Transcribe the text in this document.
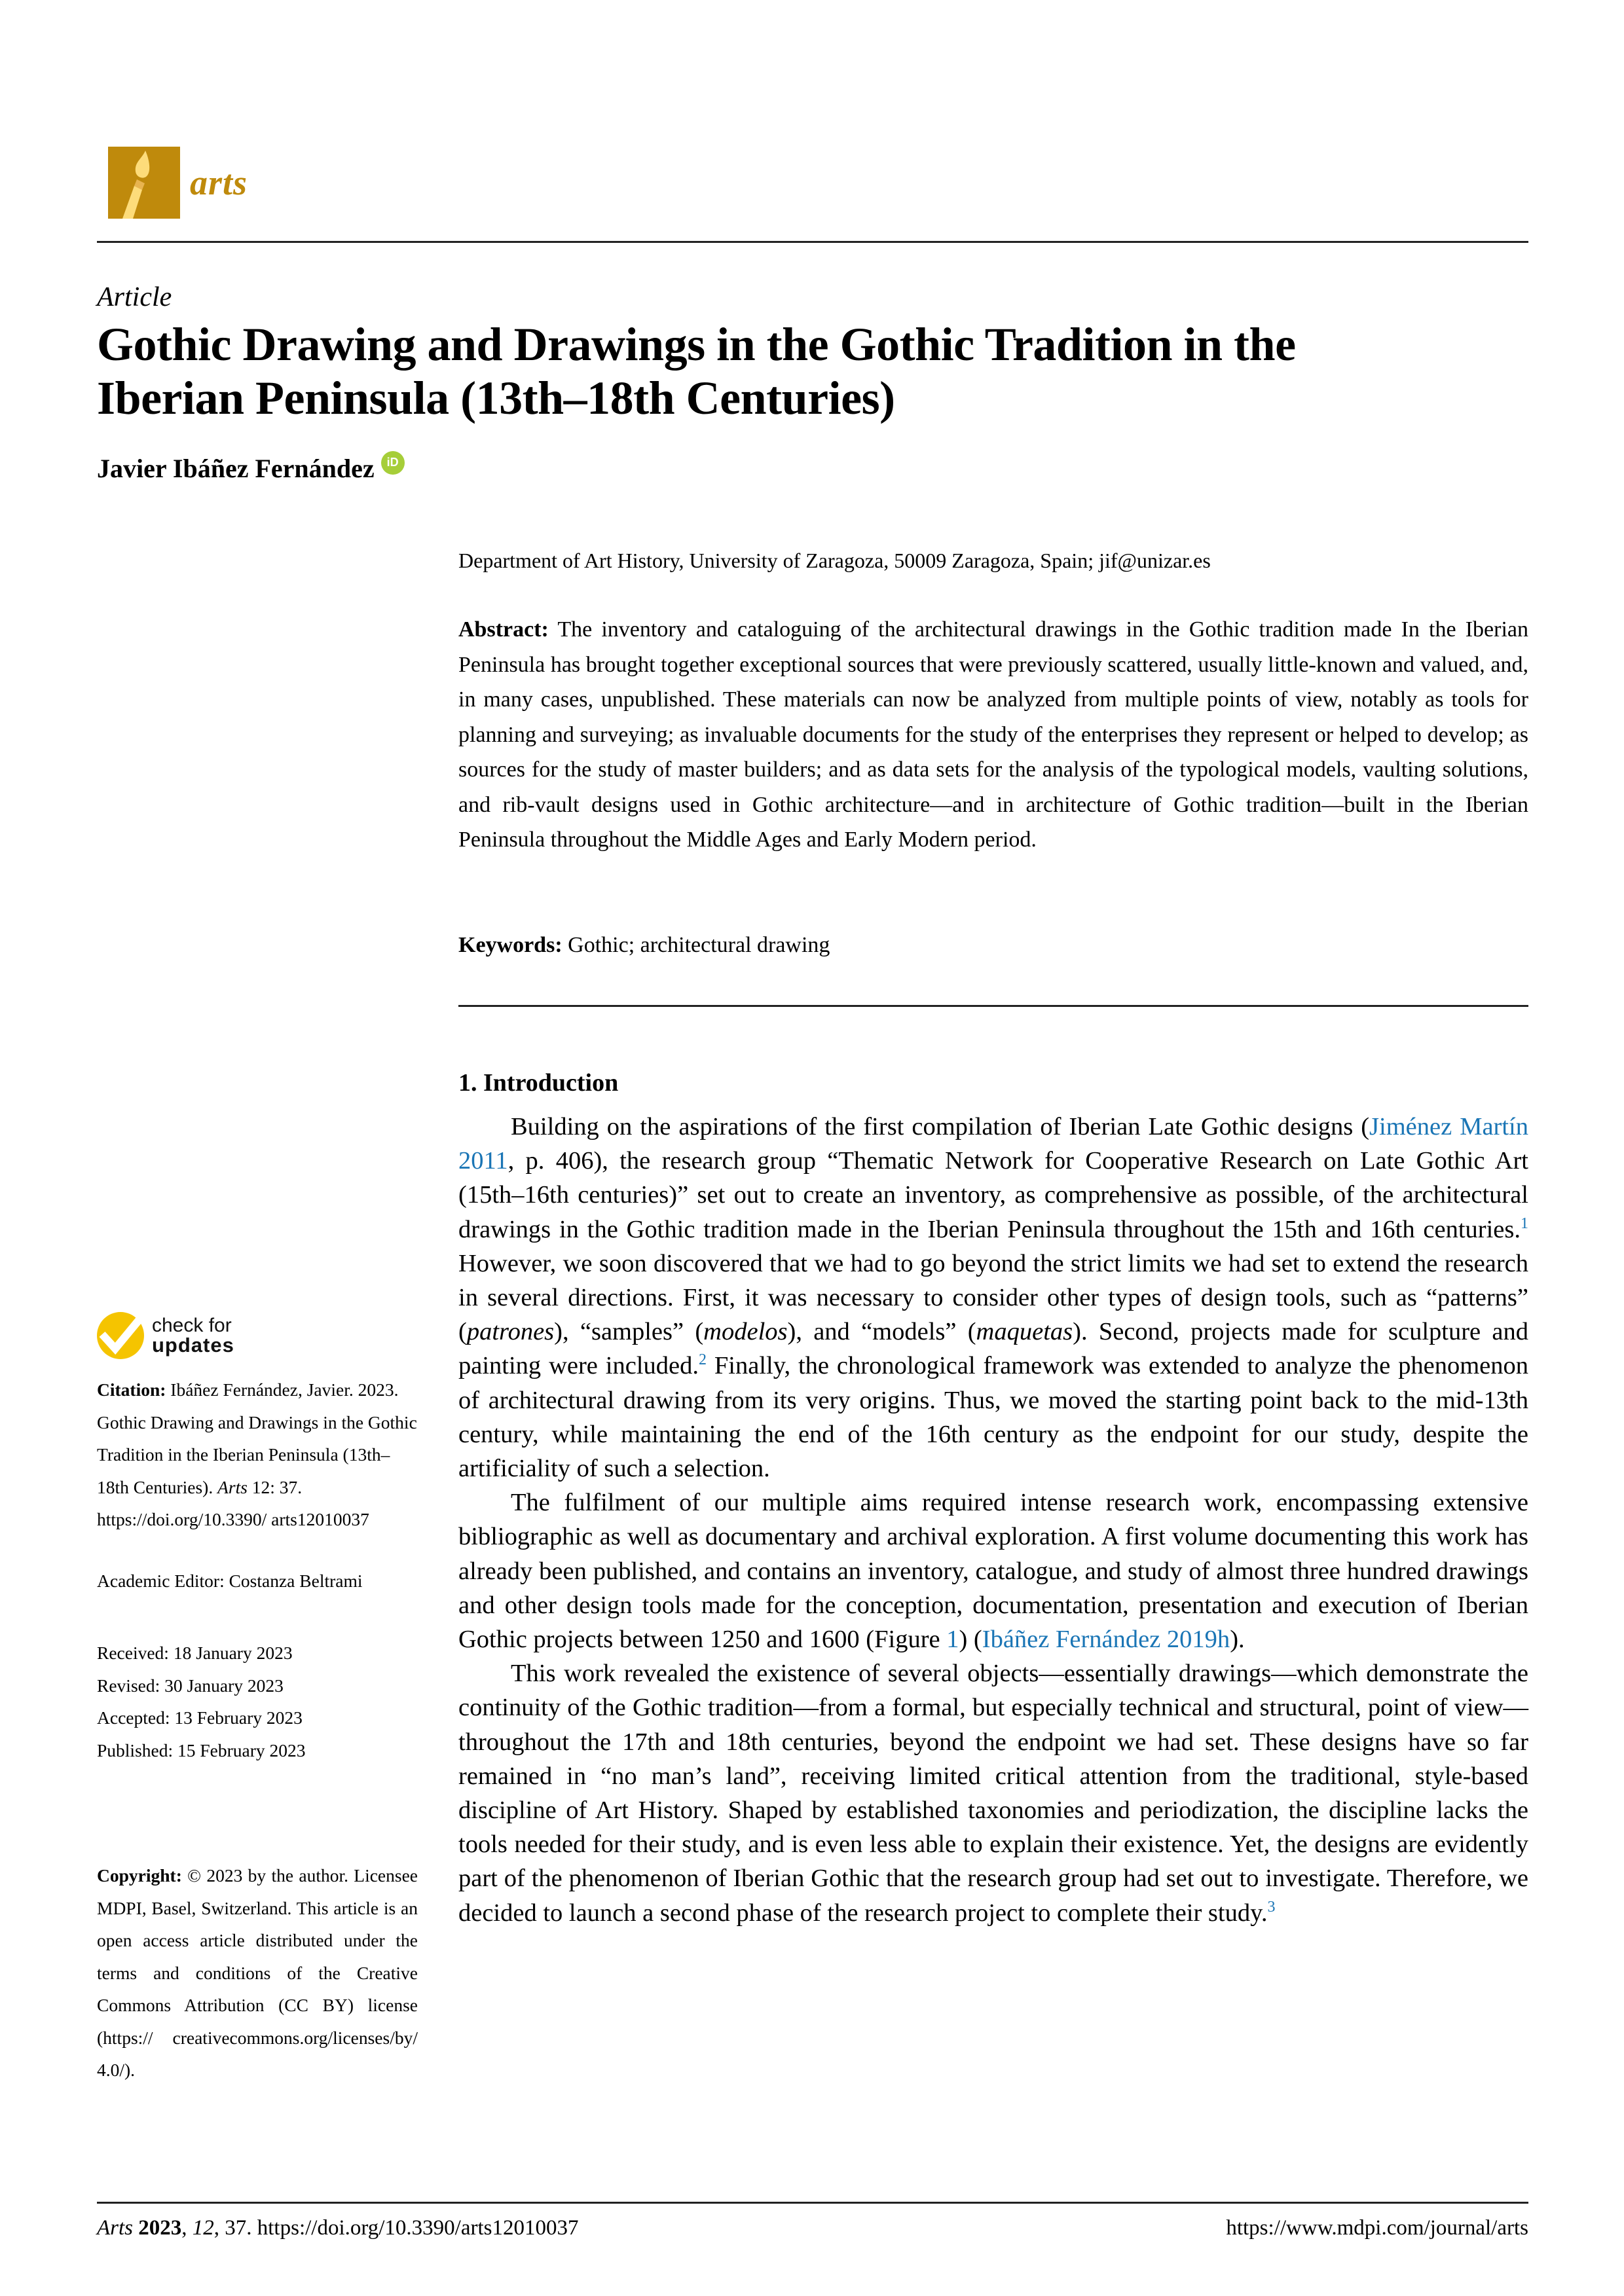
arts
Article
Gothic Drawing and Drawings in the Gothic Tradition in the
Iberian Peninsula (13th–18th Centuries)
Javier Ibáñez Fernández	iD
Department of Art History, University of Zaragoza, 50009 Zaragoza, Spain; jif@unizar.es
Abstract: The inventory and cataloguing of the architectural drawings in the Gothic tradition made In the Iberian Peninsula has brought together exceptional sources that were previously scattered, usually little-known and valued, and, in many cases, unpublished. These materials can now be analyzed from multiple points of view, notably as tools for planning and surveying; as invaluable documents for the study of the enterprises they represent or helped to develop; as sources for the study of master builders; and as data sets for the analysis of the typological models, vaulting solutions, and rib-vault designs used in Gothic architecture—and in architecture of Gothic tradition—built in the Iberian Peninsula throughout the Middle Ages and Early Modern period.
Keywords: Gothic; architectural drawing
1. Introduction

Building on the aspirations of the first compilation of Iberian Late Gothic designs (Jiménez Martín 2011, p. 406), the research group “Thematic Network for Cooperative Research on Late Gothic Art (15th–16th centuries)” set out to create an inventory, as comprehensive as possible, of the architectural drawings in the Gothic tradition made in the Iberian Peninsula throughout the 15th and 16th centuries.$^1$ However, we soon discovered that we had to go beyond the strict limits we had set to extend the research in several directions. First, it was necessary to consider other types of design tools, such as “patterns” (patrones), “samples” (modelos), and “models” (maquetas). Second, projects made for sculpture and painting were included.$^2$ Finally, the chronological framework was extended to analyze the phenomenon of architectural drawing from its very origins. Thus, we moved the starting point back to the mid-13th century, while maintaining the end of the 16th century as the endpoint for our study, despite the artificiality of such a selection.

The fulfilment of our multiple aims required intense research work, encompassing extensive bibliographic as well as documentary and archival exploration. A first volume documenting this work has already been published, and contains an inventory, catalogue, and study of almost three hundred drawings and other design tools made for the conception, documentation, presentation and execution of Iberian Gothic projects between 1250 and 1600 (Figure 1) (Ibáñez Fernández 2019h).

This work revealed the existence of several objects—essentially drawings—which demonstrate the continuity of the Gothic tradition—from a formal, but especially technical and structural, point of view—throughout the 17th and 18th centuries, beyond the endpoint we had set. These designs have so far remained in “no man’s land”, receiving limited critical attention from the traditional, style-based discipline of Art History. Shaped by established taxonomies and periodization, the discipline lacks the tools needed for their study, and is even less able to explain their existence. Yet, the designs are evidently part of the phenomenon of Iberian Gothic that the research group had set out to investigate. Therefore, we decided to launch a second phase of the research project to complete their study.$^3$

check for
updates
Citation: Ibáñez Fernández, Javier. 2023. Gothic Drawing and Drawings in the Gothic Tradition in the Iberian Peninsula (13th–18th Centuries). Arts 12: 37. https://doi.org/10.3390/ arts12010037
Academic Editor: Costanza Beltrami
Received: 18 January 2023
Revised: 30 January 2023
Accepted: 13 February 2023
Published: 15 February 2023
Copyright: © 2023 by the author. Licensee MDPI, Basel, Switzerland. This article is an open access article distributed under the terms and conditions of the Creative Commons Attribution (CC BY) license (https:// creativecommons.org/licenses/by/ 4.0/).
Arts 2023, 12, 37. https://doi.org/10.3390/arts12010037	https://www.mdpi.com/journal/arts
